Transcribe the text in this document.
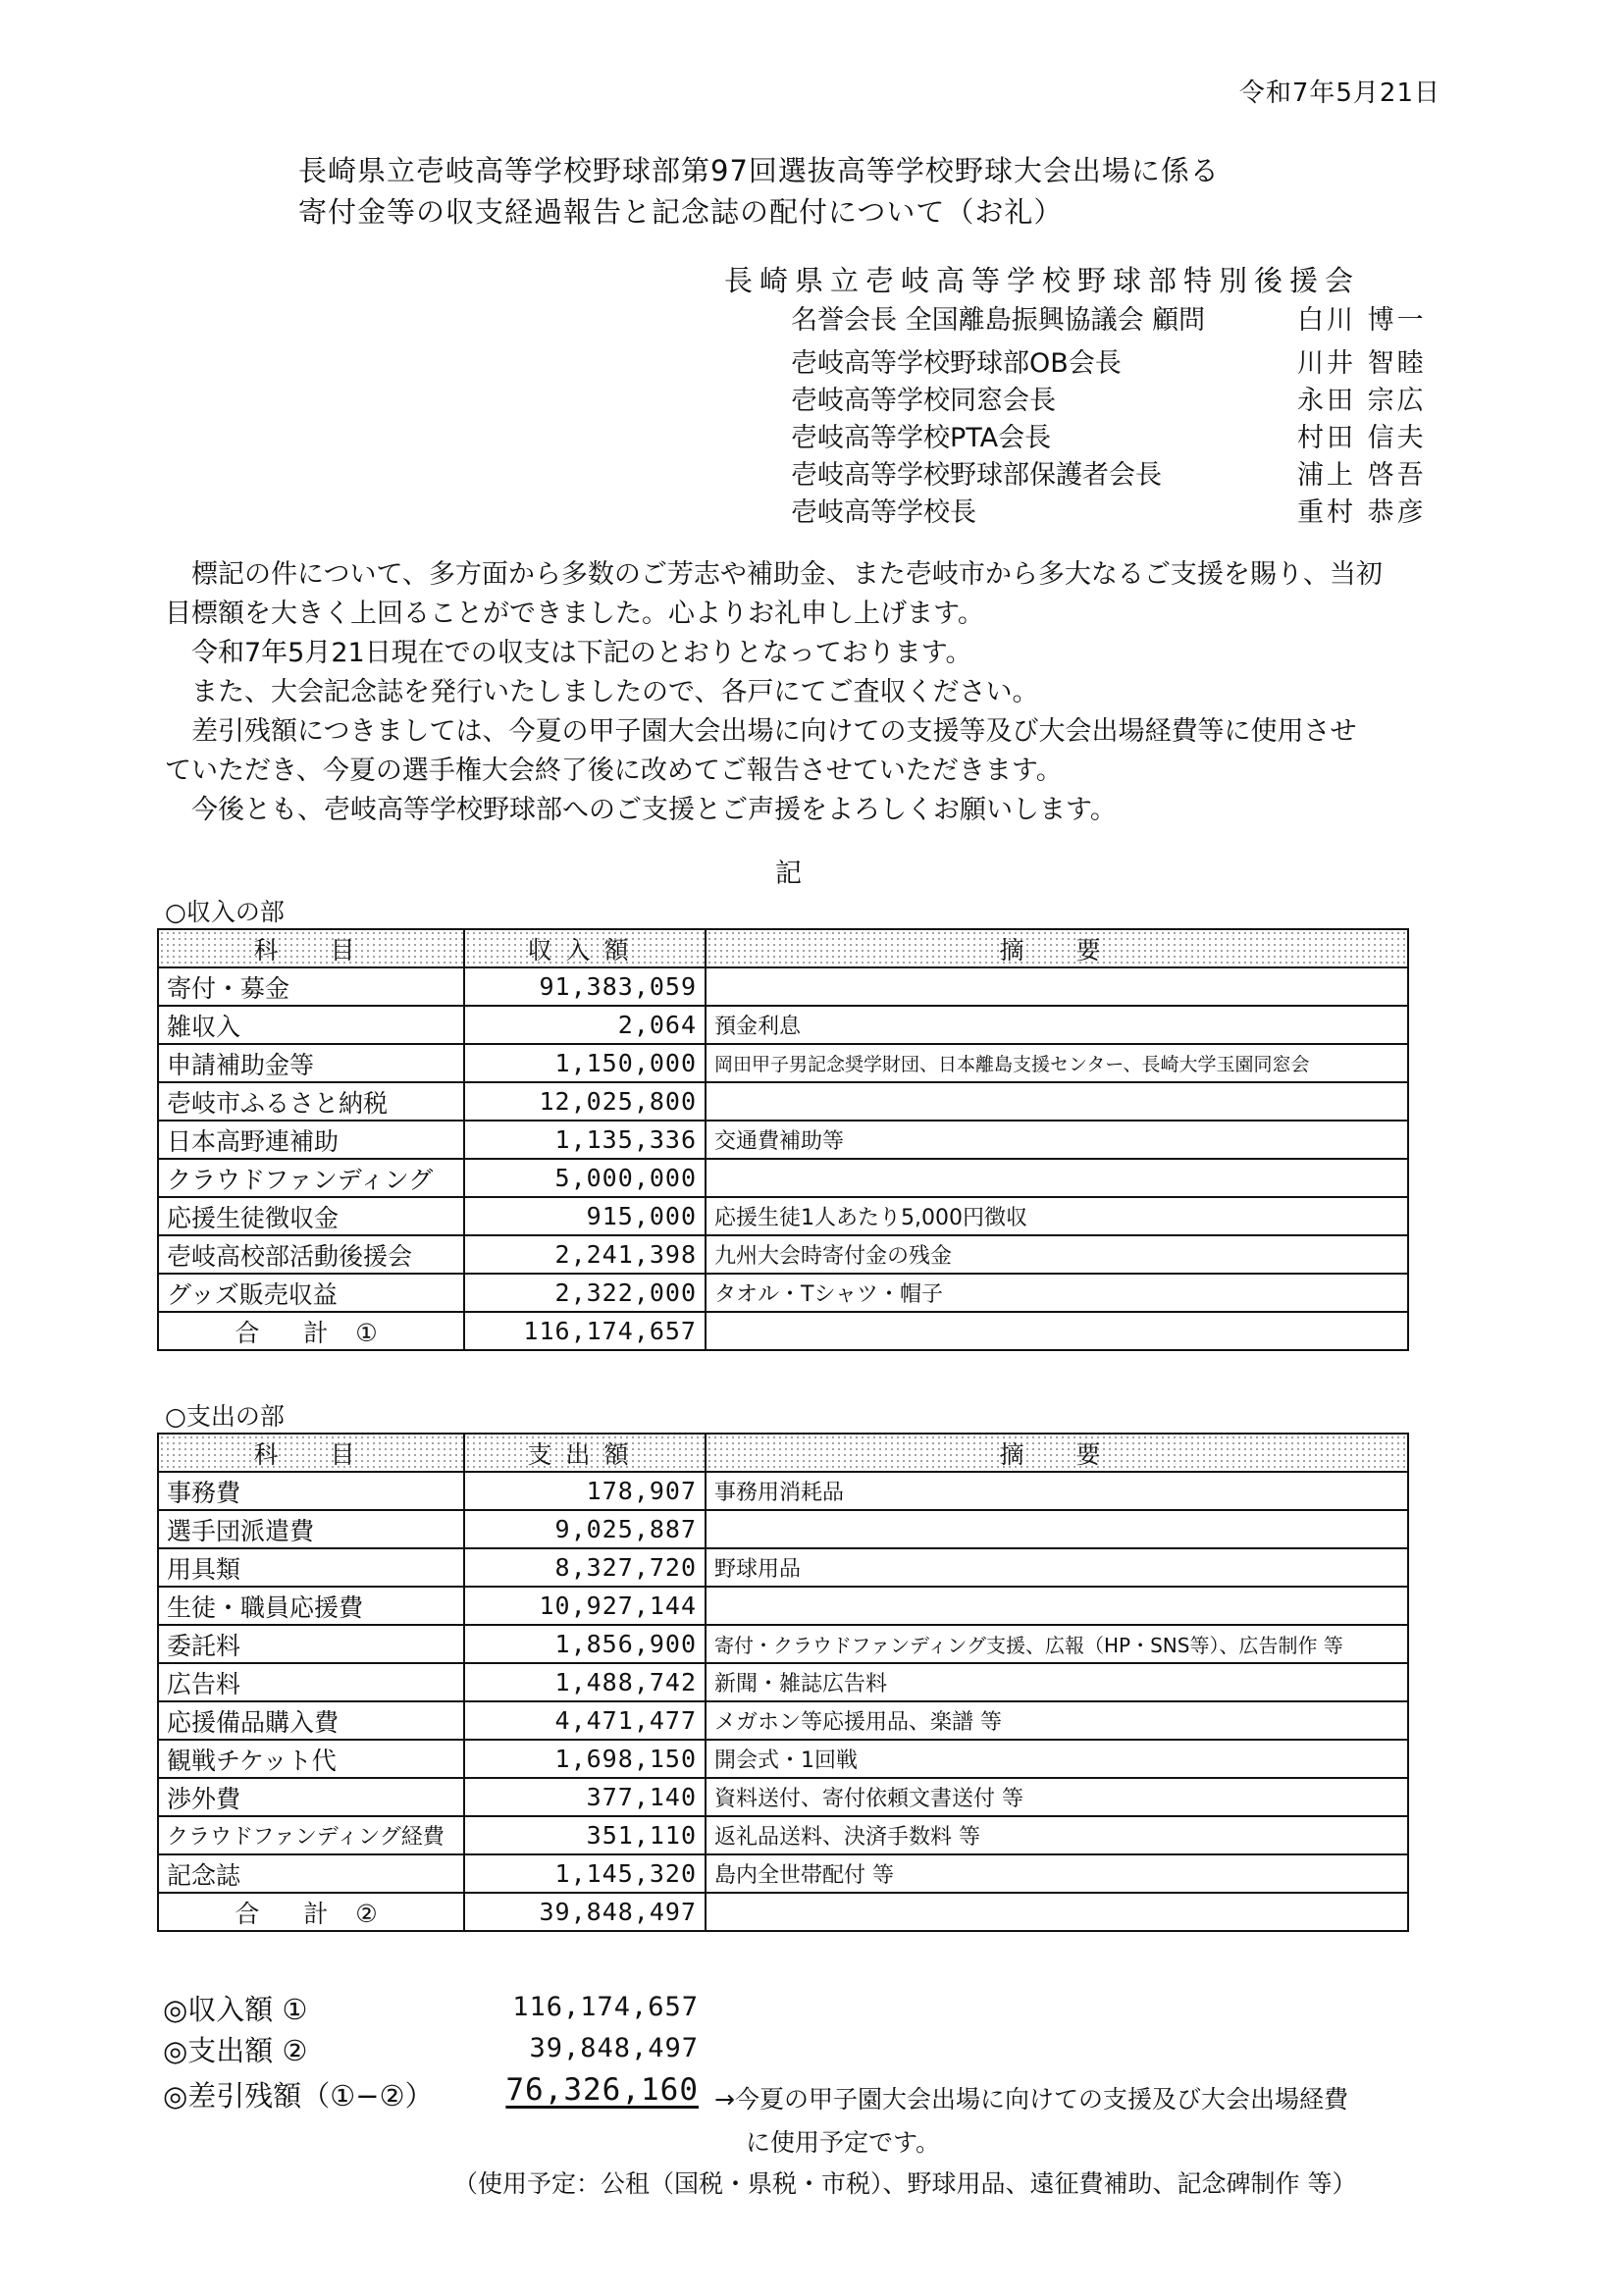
令和7年5月21日
長崎県立壱岐高等学校野球部第97回選抜高等学校野球大会出場に係る
寄付金等の収支経過報告と記念誌の配付について（お礼）
長崎県立壱岐高等学校野球部特別後援会
名誉会長 全国離島振興協議会 顧問	白川 博一
壱岐高等学校野球部OB会長	川井 智睦
壱岐高等学校同窓会長	永田 宗広
壱岐高等学校PTA会長	村田 信夫
壱岐高等学校野球部保護者会長	浦上 啓吾
壱岐高等学校長	重村 恭彦

　標記の件について、多方面から多数のご芳志や補助金、また壱岐市から多大なるご支援を賜り、当初

目標額を大きく上回ることができました。心よりお礼申し上げます。

　令和7年5月21日現在での収支は下記のとおりとなっております。

　また、大会記念誌を発行いたしましたので、各戸にてご査収ください。

　差引残額につきましては、今夏の甲子園大会出場に向けての支援等及び大会出場経費等に使用させ

ていただき、今夏の選手権大会終了後に改めてご報告させていただきます。

　今後とも、壱岐高等学校野球部へのご支援とご声援をよろしくお願いします。

記
○収入の部
科　目	収入額	摘　要
寄付・募金	91,383,059	
雑収入	2,064	預金利息
申請補助金等	1,150,000	岡田甲子男記念奨学財団、日本離島支援センター、長崎大学玉園同窓会
壱岐市ふるさと納税	12,025,800	
日本高野連補助	1,135,336	交通費補助等
クラウドファンディング	5,000,000	
応援生徒徴収金	915,000	応援生徒1人あたり5,000円徴収
壱岐高校部活動後援会	2,241,398	九州大会時寄付金の残金
グッズ販売収益	2,322,000	タオル・Tシャツ・帽子
合　計 ①	116,174,657	
○支出の部
科　目	支出額	摘　要
事務費	178,907	事務用消耗品
選手団派遣費	9,025,887	
用具類	8,327,720	野球用品
生徒・職員応援費	10,927,144	
委託料	1,856,900	寄付・クラウドファンディング支援、広報（HP・SNS等）、広告制作 等
広告料	1,488,742	新聞・雑誌広告料
応援備品購入費	4,471,477	メガホン等応援用品、楽譜 等
観戦チケット代	1,698,150	開会式・1回戦
渉外費	377,140	資料送付、寄付依頼文書送付 等
クラウドファンディング経費	351,110	返礼品送料、決済手数料 等
記念誌	1,145,320	島内全世帯配付 等
合　計 ②	39,848,497	
◎収入額 ①	116,174,657
◎支出額 ②	39,848,497
◎差引残額（①−②） 76,326,160 →今夏の甲子園大会出場に向けての支援及び大会出場経費
に使用予定です。
（使用予定：公租（国税・県税・市税）、野球用品、遠征費補助、記念碑制作 等）
